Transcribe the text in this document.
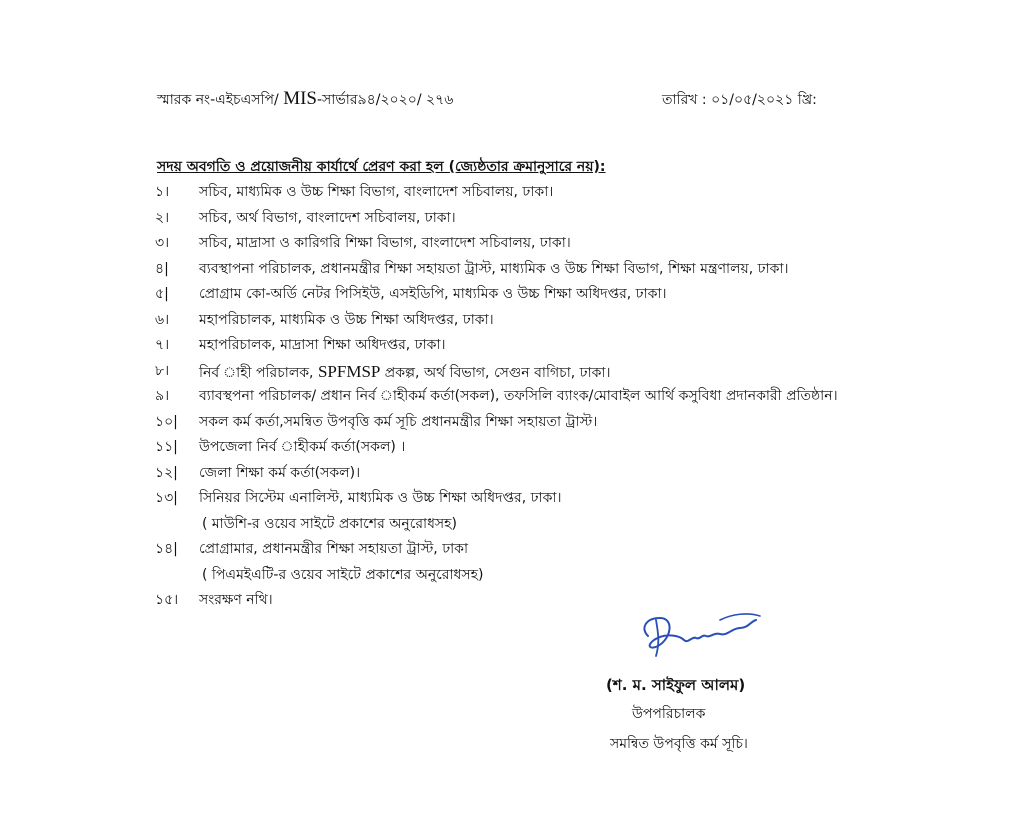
স্মারক নং-এইচএসপি/ MIS-সার্ভার৯৪/২০২০/ ২৭৬	তারিখ : ০১/০৫/২০২১ খ্রি:
সদয় অবগতি ও প্রয়োজনীয় কার্যার্থে প্রেরণ করা হল (জ্যেষ্ঠতার ক্রমানুসারে নয়):
১।	সচিব, মাধ্যমিক ও উচ্চ শিক্ষা বিভাগ, বাংলাদেশ সচিবালয়, ঢাকা।
২।	সচিব, অর্থ বিভাগ, বাংলাদেশ সচিবালয়, ঢাকা।
৩।	সচিব, মাদ্রাসা ও কারিগরি শিক্ষা বিভাগ, বাংলাদেশ সচিবালয়, ঢাকা।
৪|	ব্যবস্থাপনা পরিচালক, প্রধানমন্ত্রীর শিক্ষা সহায়তা ট্রাস্ট, মাধ্যমিক ও উচ্চ শিক্ষা বিভাগ, শিক্ষা মন্ত্রণালয়, ঢাকা।
৫|	প্রোগ্রাম কো-অর্ডি নেটর পিসিইউ, এসইডিপি, মাধ্যমিক ও উচ্চ শিক্ষা অধিদপ্তর, ঢাকা।
৬।	মহাপরিচালক, মাধ্যমিক ও উচ্চ শিক্ষা অধিদপ্তর, ঢাকা।
৭।	মহাপরিচালক, মাদ্রাসা শিক্ষা অধিদপ্তর, ঢাকা।
৮।	নির্ব াহী পরিচালক, SPFMSP প্রকল্প, অর্থ বিভাগ, সেগুন বাগিচা, ঢাকা।
৯।	ব্যাবস্থপনা পরিচালক/ প্রধান নির্ব াহীকর্ম কর্তা(সকল), তফসিলি ব্যাংক/মোবাইল আর্থি কসুবিধা প্রদানকারী প্রতিষ্ঠান।
১০|	সকল কর্ম কর্তা,সমন্বিত উপবৃত্তি কর্ম সূচি প্রধানমন্ত্রীর শিক্ষা সহায়তা ট্রাস্ট।
১১|	উপজেলা নির্ব াহীকর্ম কর্তা(সকল) ।
১২|	জেলা শিক্ষা কর্ম কর্তা(সকল)।
১৩|	সিনিয়র সিস্টেম এনালিস্ট, মাধ্যমিক ও উচ্চ শিক্ষা অধিদপ্তর, ঢাকা।
( মাউশি-র ওয়েব সাইটে প্রকাশের অনুরোধসহ)
১৪|	প্রোগ্রামার, প্রধানমন্ত্রীর শিক্ষা সহায়তা ট্রাস্ট, ঢাকা
( পিএমইএটি-র ওয়েব সাইটে প্রকাশের অনুরোধসহ)
১৫।	সংরক্ষণ নথি।
(শ. ম. সাইফুল আলম)
উপপরিচালক
সমন্বিত উপবৃত্তি কর্ম সূচি।
